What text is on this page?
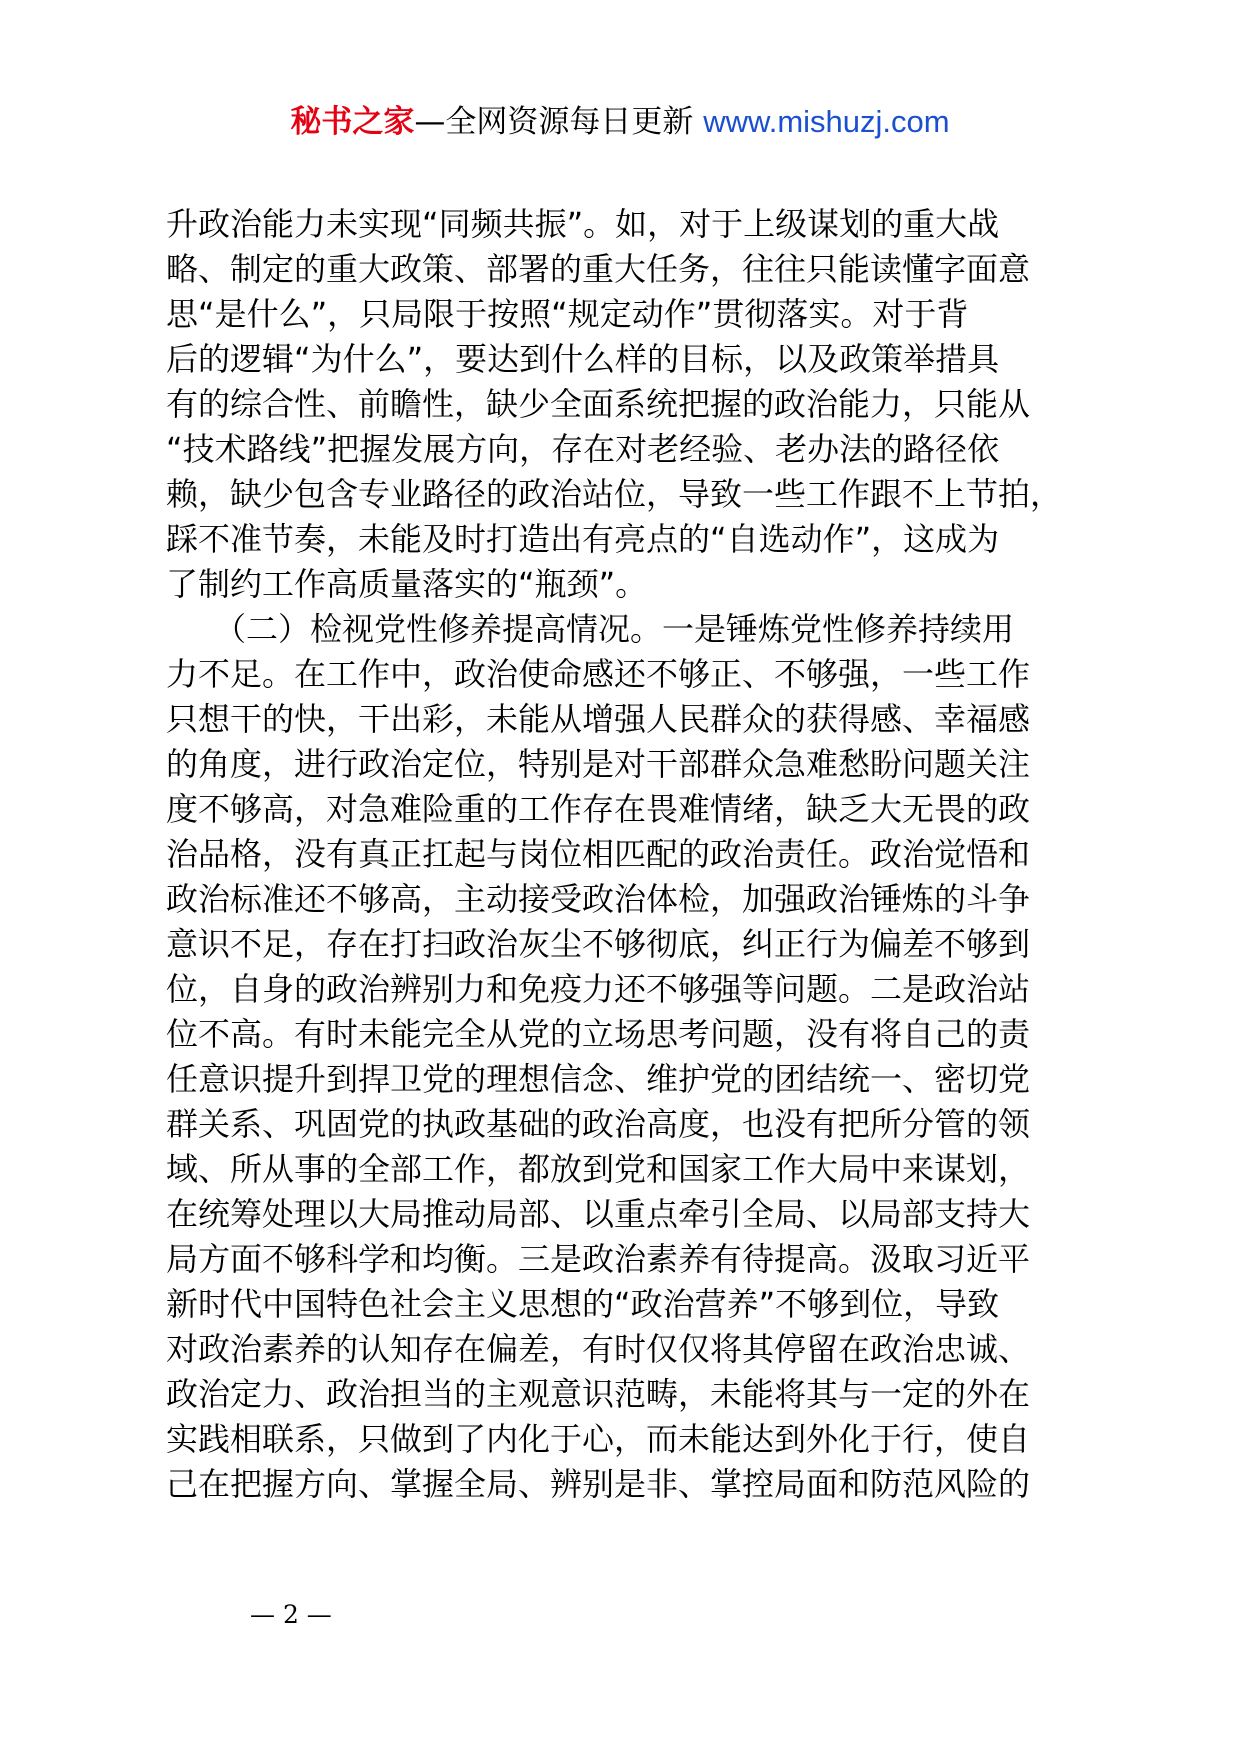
秘书之家—全网资源每日更新 www.mishuzj.com
升政治能力未实现“同频共振”。如，对于上级谋划的重大战
略、制定的重大政策、部署的重大任务，往往只能读懂字面意
思“是什么”，只局限于按照“规定动作”贯彻落实。对于背
后的逻辑“为什么”，要达到什么样的目标，以及政策举措具
有的综合性、前瞻性，缺少全面系统把握的政治能力，只能从
“技术路线”把握发展方向，存在对老经验、老办法的路径依
赖，缺少包含专业路径的政治站位，导致一些工作跟不上节拍，
踩不准节奏，未能及时打造出有亮点的“自选动作”，这成为
了制约工作高质量落实的“瓶颈”。
　　（二）检视党性修养提高情况。一是锤炼党性修养持续用
力不足。在工作中，政治使命感还不够正、不够强，一些工作
只想干的快，干出彩，未能从增强人民群众的获得感、幸福感
的角度，进行政治定位，特别是对干部群众急难愁盼问题关注
度不够高，对急难险重的工作存在畏难情绪，缺乏大无畏的政
治品格，没有真正扛起与岗位相匹配的政治责任。政治觉悟和
政治标准还不够高，主动接受政治体检，加强政治锤炼的斗争
意识不足，存在打扫政治灰尘不够彻底，纠正行为偏差不够到
位，自身的政治辨别力和免疫力还不够强等问题。二是政治站
位不高。有时未能完全从党的立场思考问题，没有将自己的责
任意识提升到捍卫党的理想信念、维护党的团结统一、密切党
群关系、巩固党的执政基础的政治高度，也没有把所分管的领
域、所从事的全部工作，都放到党和国家工作大局中来谋划，
在统筹处理以大局推动局部、以重点牵引全局、以局部支持大
局方面不够科学和均衡。三是政治素养有待提高。汲取习近平
新时代中国特色社会主义思想的“政治营养”不够到位，导致
对政治素养的认知存在偏差，有时仅仅将其停留在政治忠诚、
政治定力、政治担当的主观意识范畴，未能将其与一定的外在
实践相联系，只做到了内化于心，而未能达到外化于行，使自
己在把握方向、掌握全局、辨别是非、掌控局面和防范风险的
— 2 —
